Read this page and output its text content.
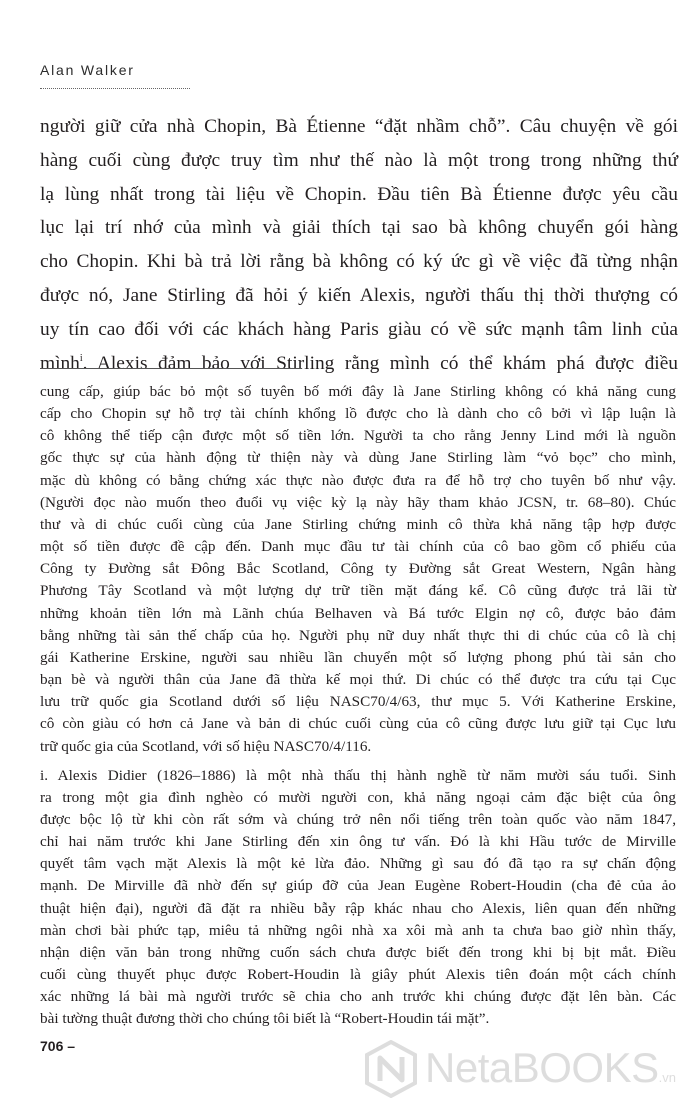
Alan Walker
người giữ cửa nhà Chopin, Bà Étienne “đặt nhầm chỗ”. Câu chuyện về gói
hàng cuối cùng được truy tìm như thế nào là một trong trong những thứ
lạ lùng nhất trong tài liệu về Chopin. Đầu tiên Bà Étienne được yêu cầu
lục lại trí nhớ của mình và giải thích tại sao bà không chuyển gói hàng
cho Chopin. Khi bà trả lời rằng bà không có ký ức gì về việc đã từng nhận
được nó, Jane Stirling đã hỏi ý kiến Alexis, người thấu thị thời thượng có
uy tín cao đối với các khách hàng Paris giàu có về sức mạnh tâm linh của
mình$^i$. Alexis đảm bảo với Stirling rằng mình có thể khám phá được điều
cung cấp, giúp bác bỏ một số tuyên bố mới đây là Jane Stirling không có khả năng cung
cấp cho Chopin sự hỗ trợ tài chính khổng lồ được cho là dành cho cô bởi vì lập luận là
cô không thể tiếp cận được một số tiền lớn. Người ta cho rằng Jenny Lind mới là nguồn
gốc thực sự của hành động từ thiện này và dùng Jane Stirling làm “vỏ bọc” cho mình,
mặc dù không có bằng chứng xác thực nào được đưa ra để hỗ trợ cho tuyên bố như vậy.
(Người đọc nào muốn theo đuổi vụ việc kỳ lạ này hãy tham khảo JCSN, tr. 68–80). Chúc
thư và di chúc cuối cùng của Jane Stirling chứng minh cô thừa khả năng tập hợp được
một số tiền được đề cập đến. Danh mục đầu tư tài chính của cô bao gồm cổ phiếu của
Công ty Đường sắt Đông Bắc Scotland, Công ty Đường sắt Great Western, Ngân hàng
Phương Tây Scotland và một lượng dự trữ tiền mặt đáng kể. Cô cũng được trả lãi từ
những khoản tiền lớn mà Lãnh chúa Belhaven và Bá tước Elgin nợ cô, được bảo đảm
bằng những tài sản thế chấp của họ. Người phụ nữ duy nhất thực thi di chúc của cô là chị
gái Katherine Erskine, người sau nhiều lần chuyển một số lượng phong phú tài sản cho
bạn bè và người thân của Jane đã thừa kế mọi thứ. Di chúc có thể được tra cứu tại Cục
lưu trữ quốc gia Scotland dưới số liệu NASC70/4/63, thư mục 5. Với Katherine Erskine,
cô còn giàu có hơn cả Jane và bản di chúc cuối cùng của cô cũng được lưu giữ tại Cục lưu
trữ quốc gia của Scotland, với số hiệu NASC70/4/116.
i. Alexis Didier (1826–1886) là một nhà thấu thị hành nghề từ năm mười sáu tuổi. Sinh
ra trong một gia đình nghèo có mười người con, khả năng ngoại cảm đặc biệt của ông
được bộc lộ từ khi còn rất sớm và chúng trở nên nổi tiếng trên toàn quốc vào năm 1847,
chỉ hai năm trước khi Jane Stirling đến xin ông tư vấn. Đó là khi Hầu tước de Mirville
quyết tâm vạch mặt Alexis là một kẻ lừa đảo. Những gì sau đó đã tạo ra sự chấn động
mạnh. De Mirville đã nhờ đến sự giúp đỡ của Jean Eugène Robert-Houdin (cha đẻ của ảo
thuật hiện đại), người đã đặt ra nhiều bẫy rập khác nhau cho Alexis, liên quan đến những
màn chơi bài phức tạp, miêu tả những ngôi nhà xa xôi mà anh ta chưa bao giờ nhìn thấy,
nhận diện văn bản trong những cuốn sách chưa được biết đến trong khi bị bịt mắt. Điều
cuối cùng thuyết phục được Robert-Houdin là giây phút Alexis tiên đoán một cách chính
xác những lá bài mà người trước sẽ chia cho anh trước khi chúng được đặt lên bàn. Các
bài tường thuật đương thời cho chúng tôi biết là “Robert-Houdin tái mặt”.
706 –	NetaBOOKS.vn
